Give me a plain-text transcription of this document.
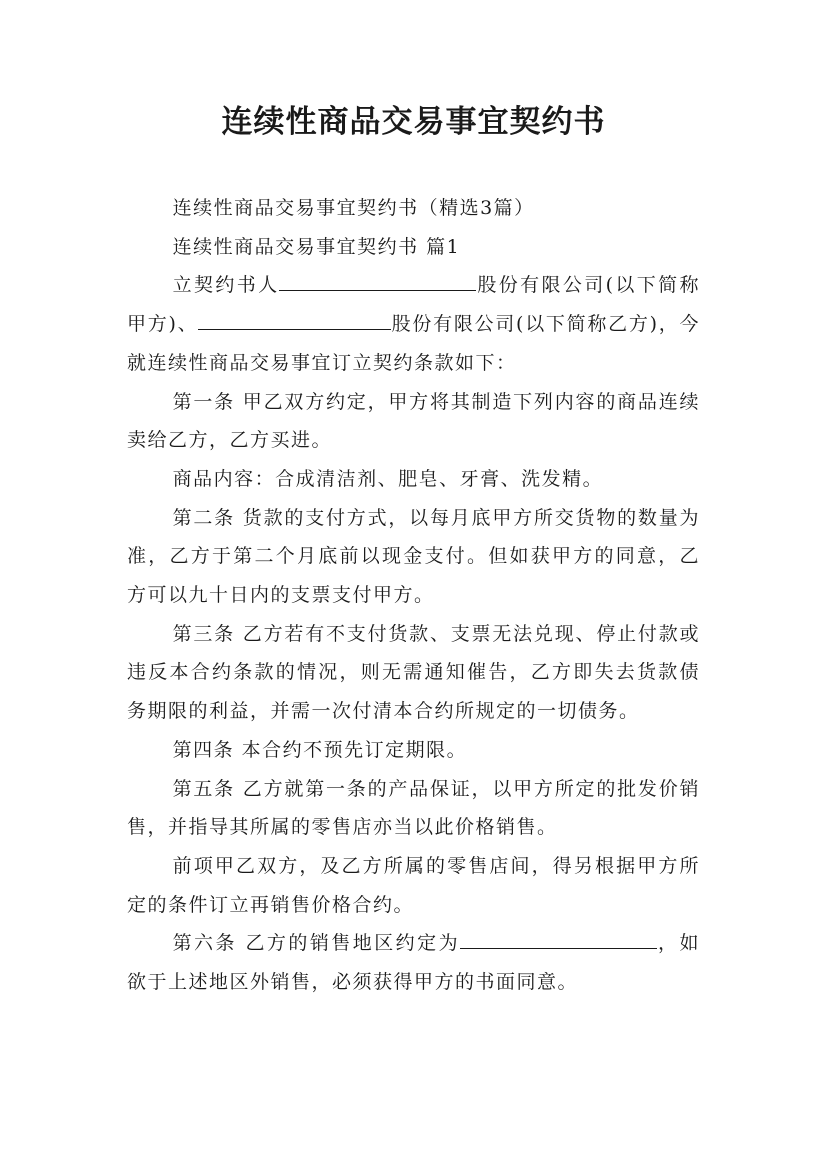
连续性商品交易事宜契约书

连续性商品交易事宜契约书（精选3篇）

连续性商品交易事宜契约书 篇1

立契约书人	股份有限公司(以下简称甲方)、	股份有限公司(以下简称乙方)，今就连续性商品交易事宜订立契约条款如下：

第一条 甲乙双方约定，甲方将其制造下列内容的商品连续卖给乙方，乙方买进。

商品内容：合成清洁剂、肥皂、牙膏、洗发精。

第二条 货款的支付方式，以每月底甲方所交货物的数量为准，乙方于第二个月底前以现金支付。但如获甲方的同意，乙方可以九十日内的支票支付甲方。

第三条 乙方若有不支付货款、支票无法兑现、停止付款或违反本合约条款的情况，则无需通知催告，乙方即失去货款债务期限的利益，并需一次付清本合约所规定的一切债务。

第四条 本合约不预先订定期限。

第五条 乙方就第一条的产品保证，以甲方所定的批发价销售，并指导其所属的零售店亦当以此价格销售。

前项甲乙双方，及乙方所属的零售店间，得另根据甲方所定的条件订立再销售价格合约。

第六条 乙方的销售地区约定为	，如欲于上述地区外销售，必须获得甲方的书面同意。
